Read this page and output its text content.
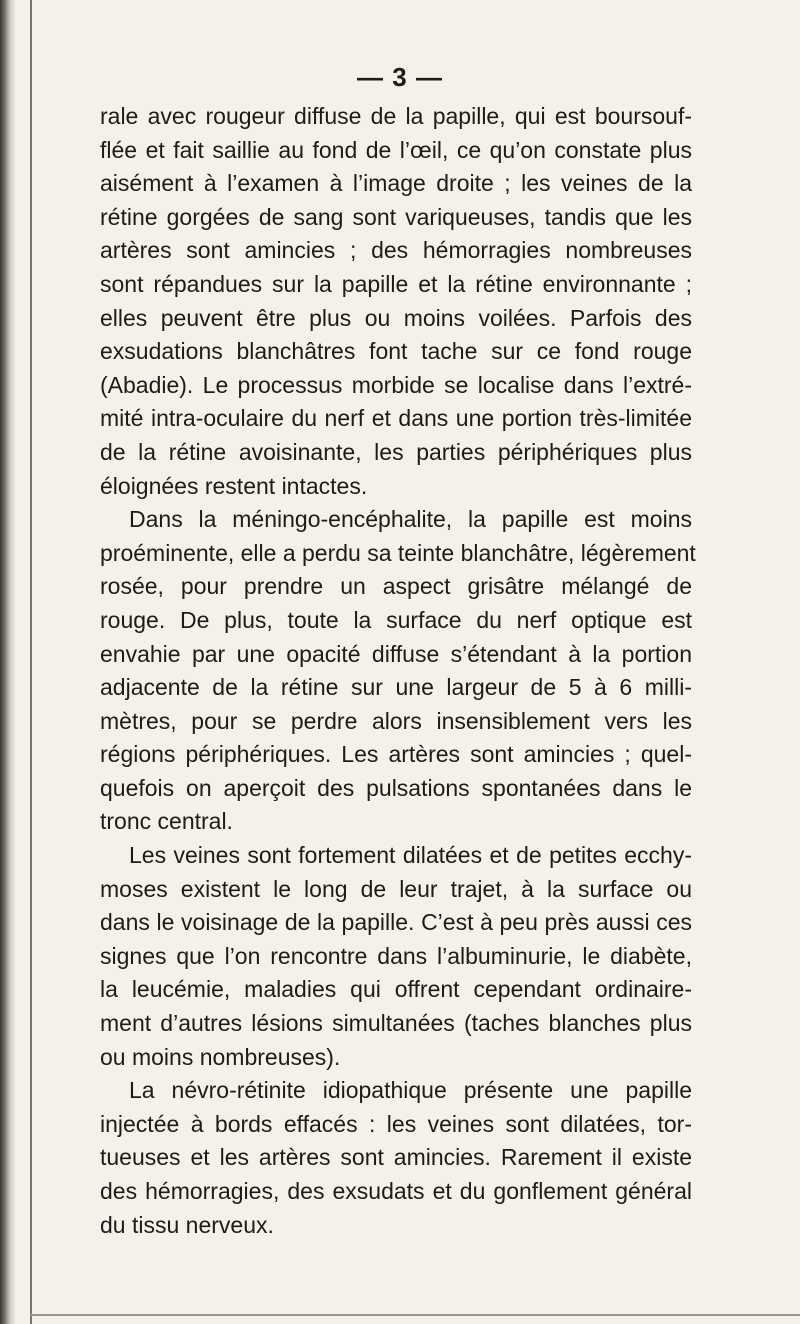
— 3 —
rale avec rougeur diffuse de la papille, qui est boursouf-
flée et fait saillie au fond de l’œil, ce qu’on constate plus
aisément à l’examen à l’image droite ; les veines de la
rétine gorgées de sang sont variqueuses, tandis que les
artères sont amincies ; des hémorragies nombreuses
sont répandues sur la papille et la rétine environnante ;
elles peuvent être plus ou moins voilées. Parfois des
exsudations blanchâtres font tache sur ce fond rouge
(Abadie). Le processus morbide se localise dans l’extré-
mité intra-oculaire du nerf et dans une portion très-limitée
de la rétine avoisinante, les parties périphériques plus
éloignées restent intactes.
Dans la méningo-encéphalite, la papille est moins
proéminente, elle a perdu sa teinte blanchâtre, légèrement
rosée, pour prendre un aspect grisâtre mélangé de
rouge. De plus, toute la surface du nerf optique est
envahie par une opacité diffuse s’étendant à la portion
adjacente de la rétine sur une largeur de 5 à 6 milli-
mètres, pour se perdre alors insensiblement vers les
régions périphériques. Les artères sont amincies ; quel-
quefois on aperçoit des pulsations spontanées dans le
tronc central.
Les veines sont fortement dilatées et de petites ecchy-
moses existent le long de leur trajet, à la surface ou
dans le voisinage de la papille. C’est à peu près aussi ces
signes que l’on rencontre dans l’albuminurie, le diabète,
la leucémie, maladies qui offrent cependant ordinaire-
ment d’autres lésions simultanées (taches blanches plus
ou moins nombreuses).
La névro-rétinite idiopathique présente une papille
injectée à bords effacés : les veines sont dilatées, tor-
tueuses et les artères sont amincies. Rarement il existe
des hémorragies, des exsudats et du gonflement général
du tissu nerveux.
